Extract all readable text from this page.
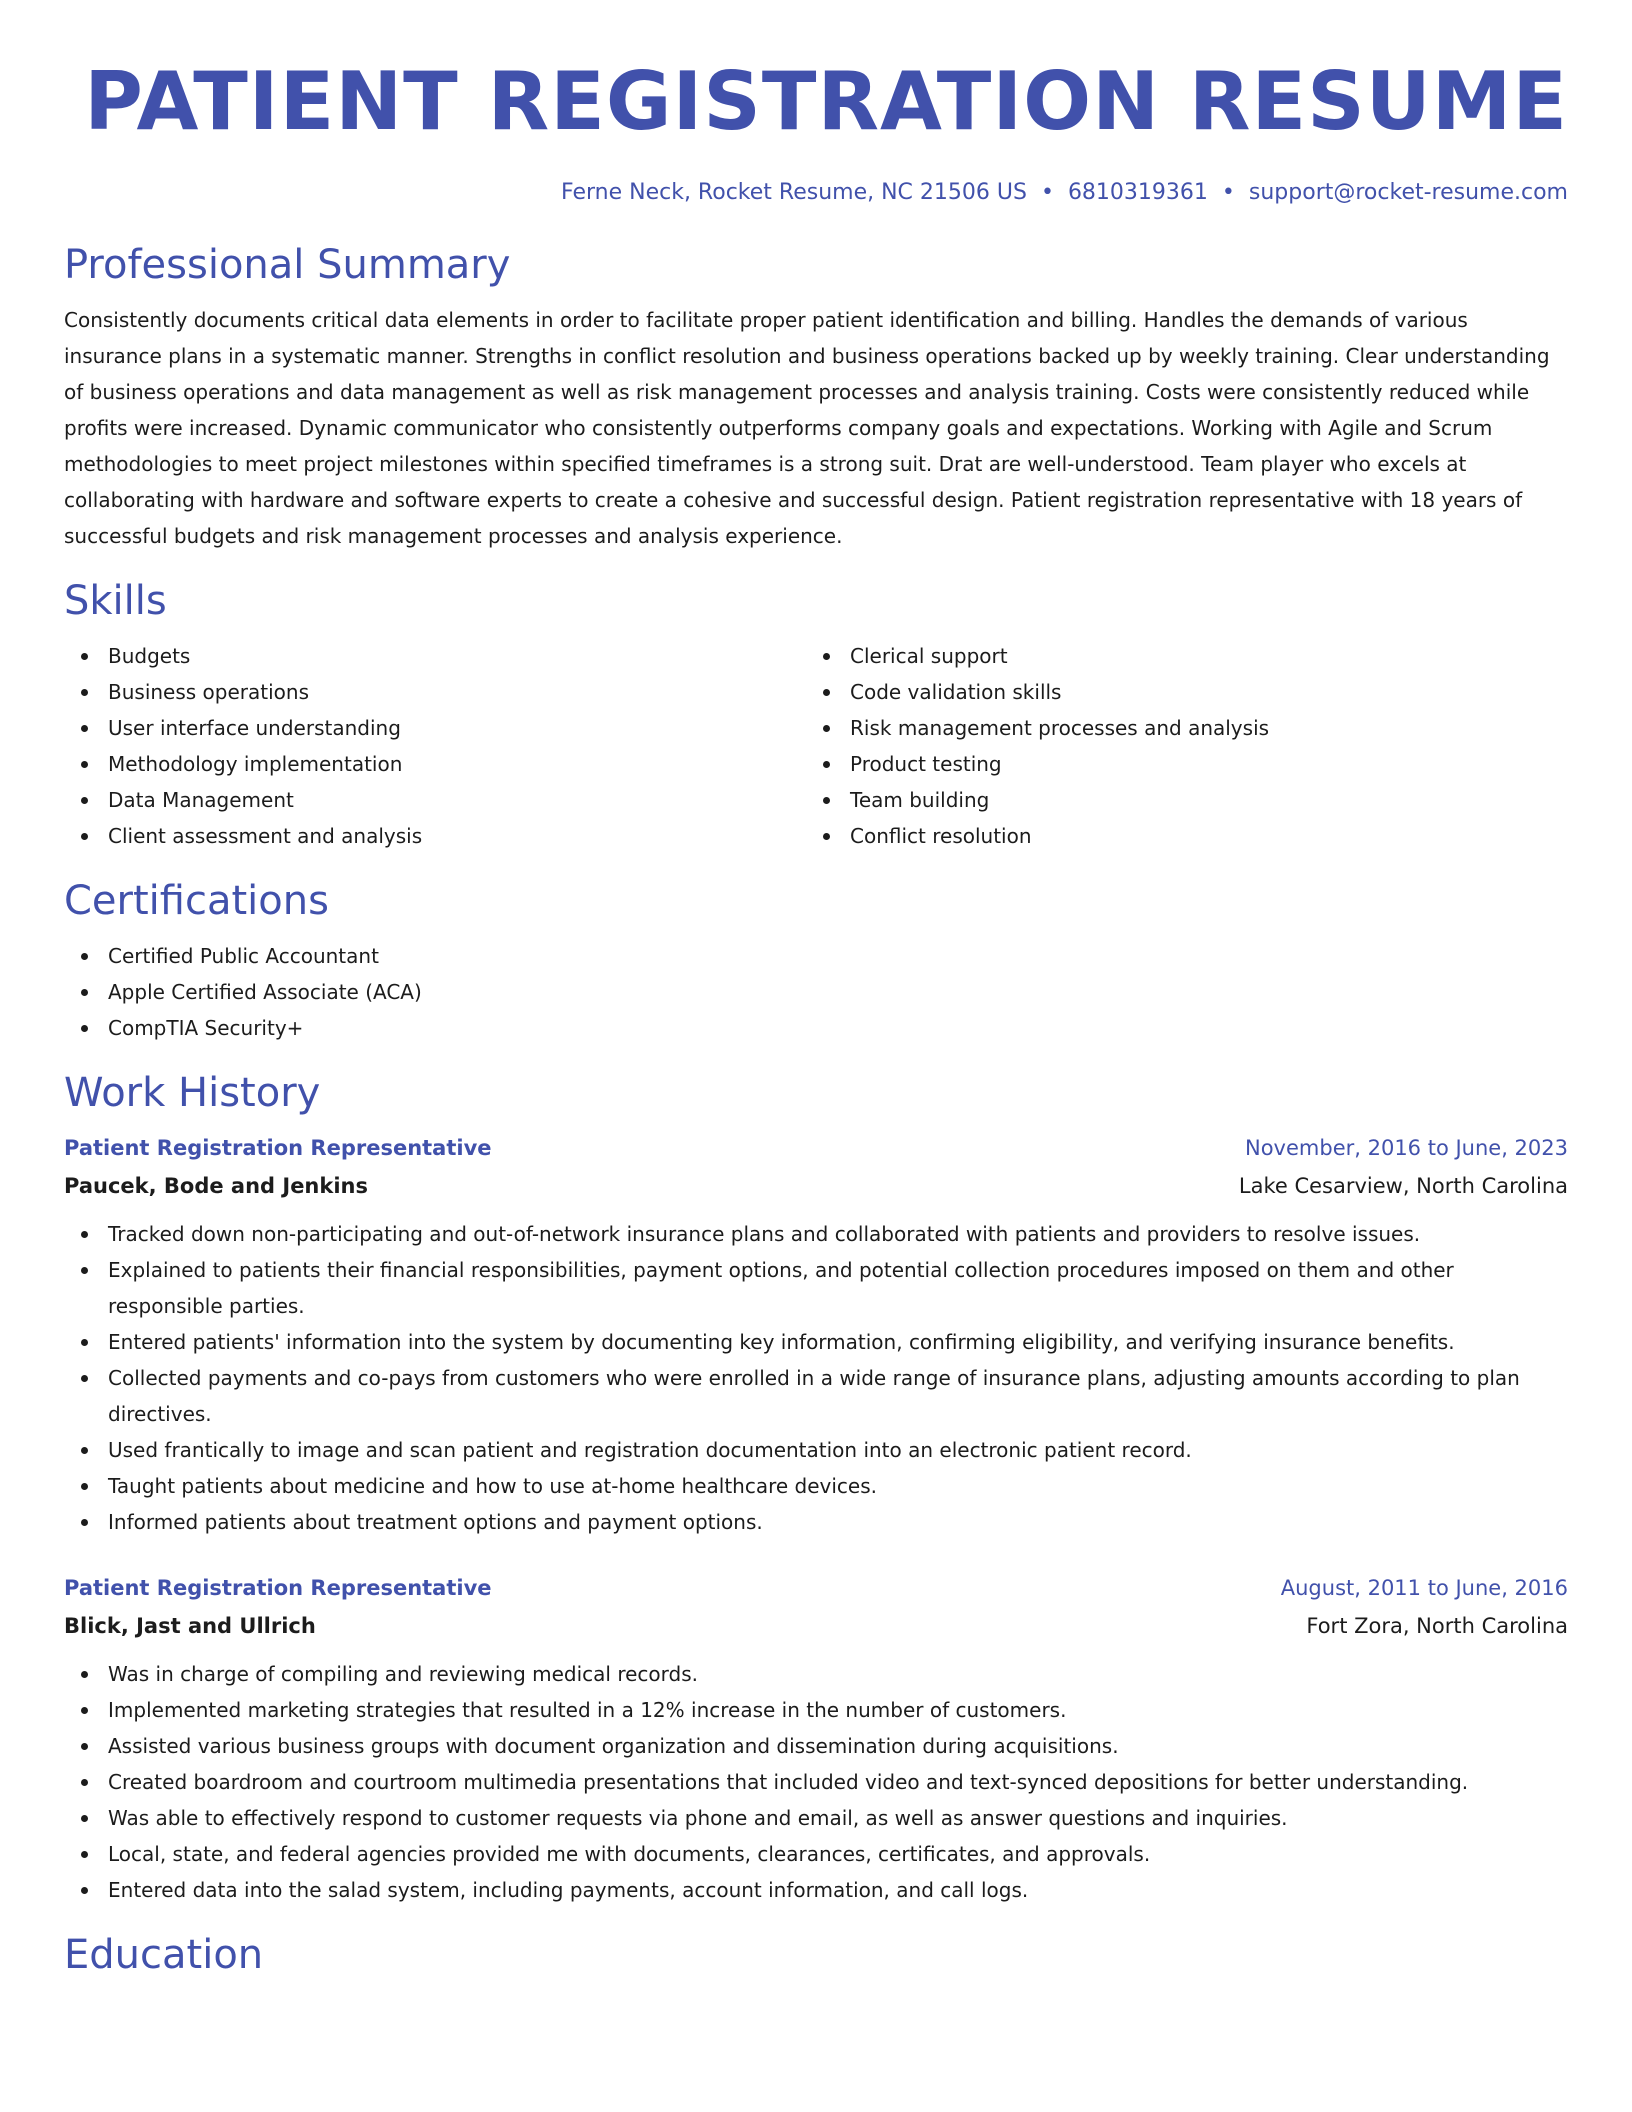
PATIENT REGISTRATION RESUME
Ferne Neck, Rocket Resume, NC 21506 US • 6810319361 • support@rocket-resume.com
Professional Summary

Consistently documents critical data elements in order to facilitate proper patient identification and billing. Handles the demands of various insurance plans in a systematic manner. Strengths in conflict resolution and business operations backed up by weekly training. Clear understanding of business operations and data management as well as risk management processes and analysis training. Costs were consistently reduced while profits were increased. Dynamic communicator who consistently outperforms company goals and expectations. Working with Agile and Scrum methodologies to meet project milestones within specified timeframes is a strong suit. Drat are well-understood. Team player who excels at collaborating with hardware and software experts to create a cohesive and successful design. Patient registration representative with 18 years of successful budgets and risk management processes and analysis experience.

Skills
Budgets
Business operations
User interface understanding
Methodology implementation
Data Management
Client assessment and analysis
Clerical support
Code validation skills
Risk management processes and analysis
Product testing
Team building
Conflict resolution
Certifications
Certified Public Accountant
Apple Certified Associate (ACA)
CompTIA Security+
Work History
Patient Registration Representative	November, 2016 to June, 2023
Paucek, Bode and Jenkins	Lake Cesarview, North Carolina
Tracked down non-participating and out-of-network insurance plans and collaborated with patients and providers to resolve issues.
Explained to patients their financial responsibilities, payment options, and potential collection procedures imposed on them and other responsible parties.
Entered patients' information into the system by documenting key information, confirming eligibility, and verifying insurance benefits.
Collected payments and co-pays from customers who were enrolled in a wide range of insurance plans, adjusting amounts according to plan directives.
Used frantically to image and scan patient and registration documentation into an electronic patient record.
Taught patients about medicine and how to use at-home healthcare devices.
Informed patients about treatment options and payment options.
Patient Registration Representative	August, 2011 to June, 2016
Blick, Jast and Ullrich	Fort Zora, North Carolina
Was in charge of compiling and reviewing medical records.
Implemented marketing strategies that resulted in a 12% increase in the number of customers.
Assisted various business groups with document organization and dissemination during acquisitions.
Created boardroom and courtroom multimedia presentations that included video and text-synced depositions for better understanding.
Was able to effectively respond to customer requests via phone and email, as well as answer questions and inquiries.
Local, state, and federal agencies provided me with documents, clearances, certificates, and approvals.
Entered data into the salad system, including payments, account information, and call logs.
Education
